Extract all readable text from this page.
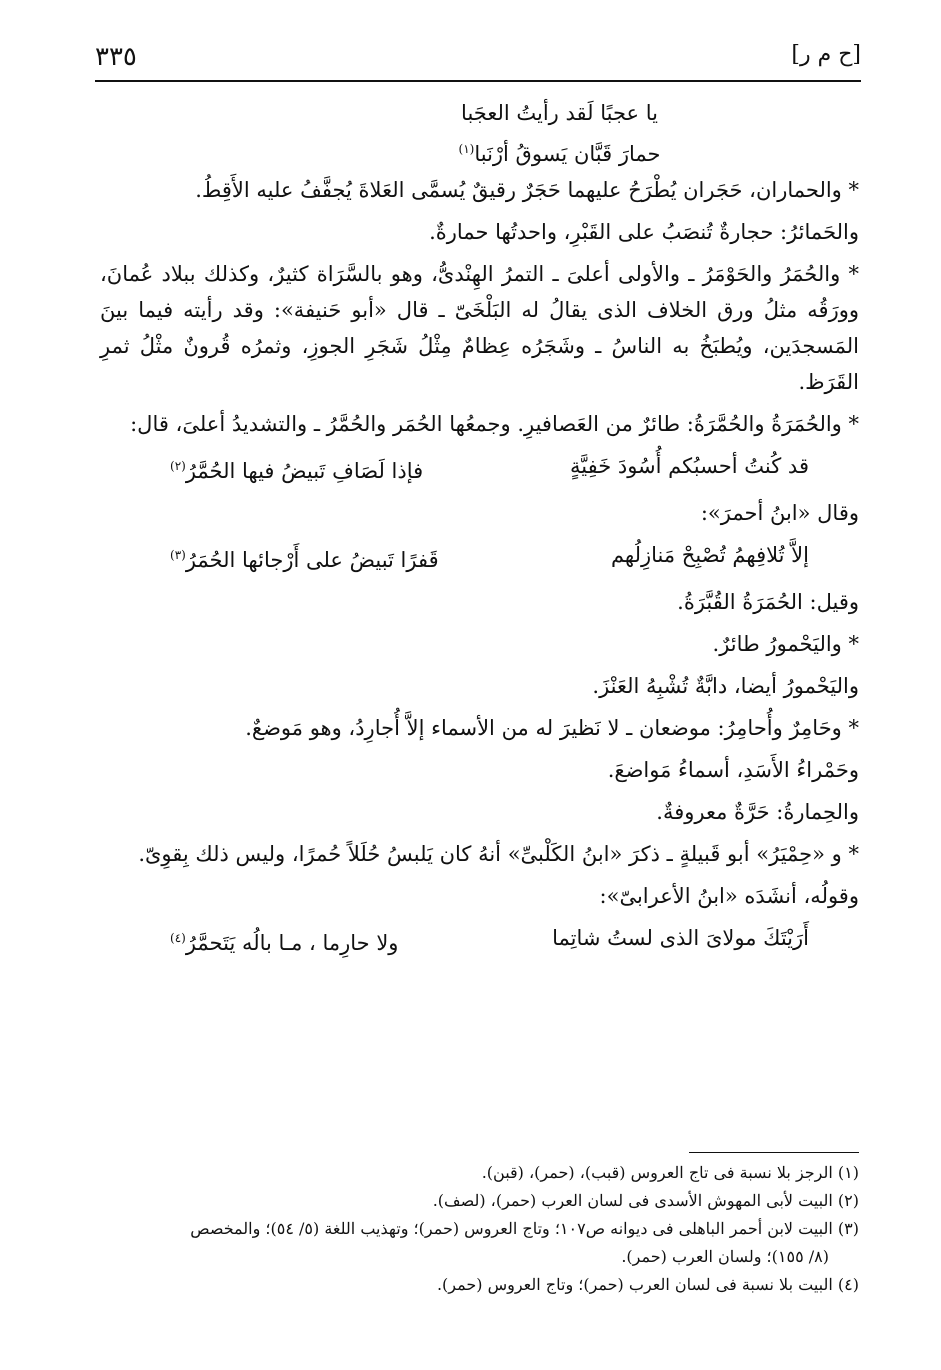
٣٣٥	[ح م ر]

يا عجبًا لَقد رأيتُ العجَبا

حمارَ قَبَّان يَسوقُ أرْنَبا$^{(١)}$

* والحماران، حَجَران يُطْرَحُ عليهما حَجَرٌ رقيقٌ يُسمَّى العَلاةَ يُجفَّفُ عليه الأَقِطُ.

والحَمائرُ: حجارةٌ تُنصَبُ على القَبْرِ، واحدتُها حمارةٌ.

* والحُمَرُ والحَوْمَرُ ـ والأولى أعلىَ ـ التمرُ الهِنْدىُّ، وهو بالسَّرَاة كثيرٌ، وكذلك ببلاد عُمانَ، وورَقُه مثلُ ورق الخلاف الذى يقالُ له البَلْخَىّ ـ قال «أبو حَنيفة»: وقد رأيته فيما بينَ المَسجدَين، ويُطبَخُ به الناسُ ـ وشَجَرُه عِظامٌ مِثْلُ شَجَرِ الجوزِ، وثمرُه قُرونٌ مثْلُ ثمرِ القَرَظ.

* والحُمَرَةُ والحُمَّرَةُ: طائرٌ من العَصافيرِ. وجمعُها الحُمَر والحُمَّرُ ـ والتشديدُ أعلىَ، قال:

قد كُنتُ أحسبُكم أُسُودَ خَفِيَّةٍ
فإذا لَصَافِ تَبيضُ فيها الحُمَّرُ$^{(٢)}$

وقال «ابنُ أحمرَ»:

إلاَّ تُلافِهمُ تُصْبِحْ مَنازِلُهم
قَفرًا تَبيضُ على أَرْجائها الحُمَرُ$^{(٣)}$

وقيل: الحُمَرَةُ القُبَّرَةُ.

* واليَحْمورُ طائرٌ.

واليَحْمورُ أيضا، دابَّةٌ تُشْبِهُ العَنْزَ.

* وحَامِرٌ وأُحامِرُ: موضعان ـ لا نَظيرَ له من الأسماء إلاَّ أُجارِدُ، وهو مَوضعٌ.

وحَمْراءُ الأَسَدِ، أسماءُ مَواضعَ.

والحِمارةُ: حَرَّةٌ معروفةٌ.

* و «حِمْيَرُ» أبو قَبيلةٍ ـ ذكرَ «ابنُ الكَلْبىِّ» أنهُ كان يَلبسُ حُلَلاً حُمرًا، وليس ذلك بِقوِىّ.

وقولُه، أنشَدَه «ابنُ الأعرابىّ»:

أَرَيْتَكَ مولاىَ الذى لستُ شاتِما
ولا حارِما ، مـا بالُه يَتَحمَّرُ$^{(٤)}$

(١) الرجز بلا نسبة فى تاج العروس (قبب)، (حمر)، (قبن).

(٢) البيت لأبى المهوش الأسدى فى لسان العرب (حمر)، (لصف).

(٣) البيت لابن أحمر الباهلى فى ديوانه ص١٠٧؛ وتاج العروس (حمر)؛ وتهذيب اللغة (٥/ ٥٤)؛ والمخصص

(٨/ ١٥٥)؛ ولسان العرب (حمر).

(٤) البيت بلا نسبة فى لسان العرب (حمر)؛ وتاج العروس (حمر).
